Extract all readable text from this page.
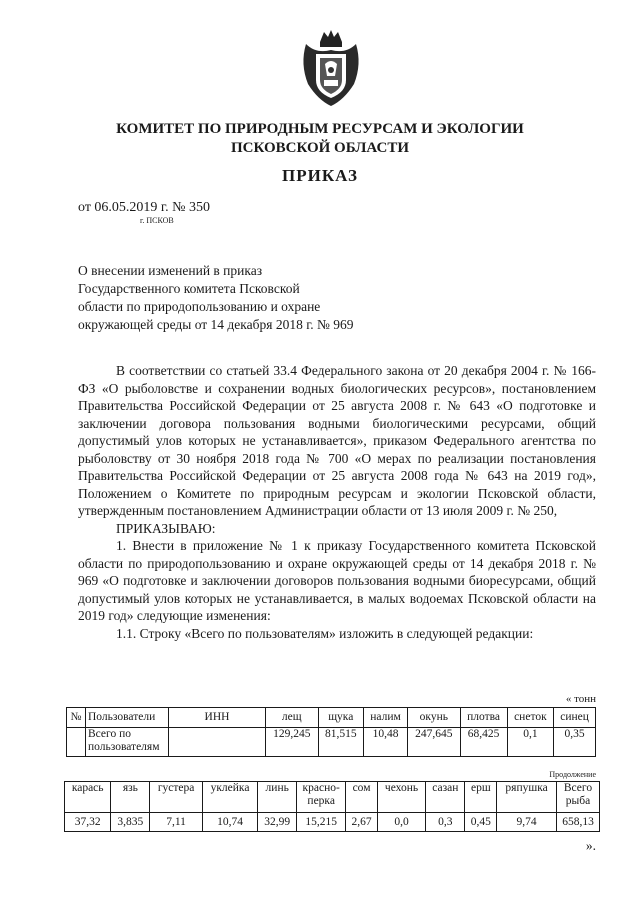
КОМИТЕТ ПО ПРИРОДНЫМ РЕСУРСАМ И ЭКОЛОГИИ
ПСКОВСКОЙ ОБЛАСТИ
ПРИКАЗ
от 06.05.2019 г. № 350
г. ПСКОВ
О внесении изменений в приказ
Государственного комитета Псковской
области по природопользованию и охране
окружающей среды от 14 декабря 2018 г. № 969

В соответствии со статьей 33.4 Федерального закона от 20 декабря 2004 г. № 166-ФЗ «О рыболовстве и сохранении водных биологических ресурсов», постановлением Правительства Российской Федерации от 25 августа 2008 г. № 643 «О подготовке и заключении договора пользования водными биологическими ресурсами, общий допустимый улов которых не устанавливается», приказом Федерального агентства по рыболовству от 30 ноября 2018 года № 700 «О мерах по реализации постановления Правительства Российской Федерации от 25 августа 2008 года № 643 на 2019 год», Положением о Комитете по природным ресурсам и экологии Псковской области, утвержденным постановлением Администрации области от 13 июля 2009 г. № 250,

ПРИКАЗЫВАЮ:

1. Внести в приложение № 1 к приказу Государственного комитета Псковской области по природопользованию и охране окружающей среды от 14 декабря 2018 г. № 969 «О подготовке и заключении договоров пользования водными биоресурсами, общий допустимый улов которых не устанавливается, в малых водоемах Псковской области на 2019 год» следующие изменения:

1.1. Строку «Всего по пользователям» изложить в следующей редакции:

« тонн
№	Пользователи	ИНН	лещ	щука	налим	окунь	плотва	снеток	синец
	Всего по пользователям		129,245	81,515	10,48	247,645	68,425	0,1	0,35
Продолжение
карась	язь	густера	уклейка	линь	красно-перка	сом	чехонь	сазан	ерш	ряпушка	Всего рыба
37,32	3,835	7,11	10,74	32,99	15,215	2,67	0,0	0,3	0,45	9,74	658,13
».
